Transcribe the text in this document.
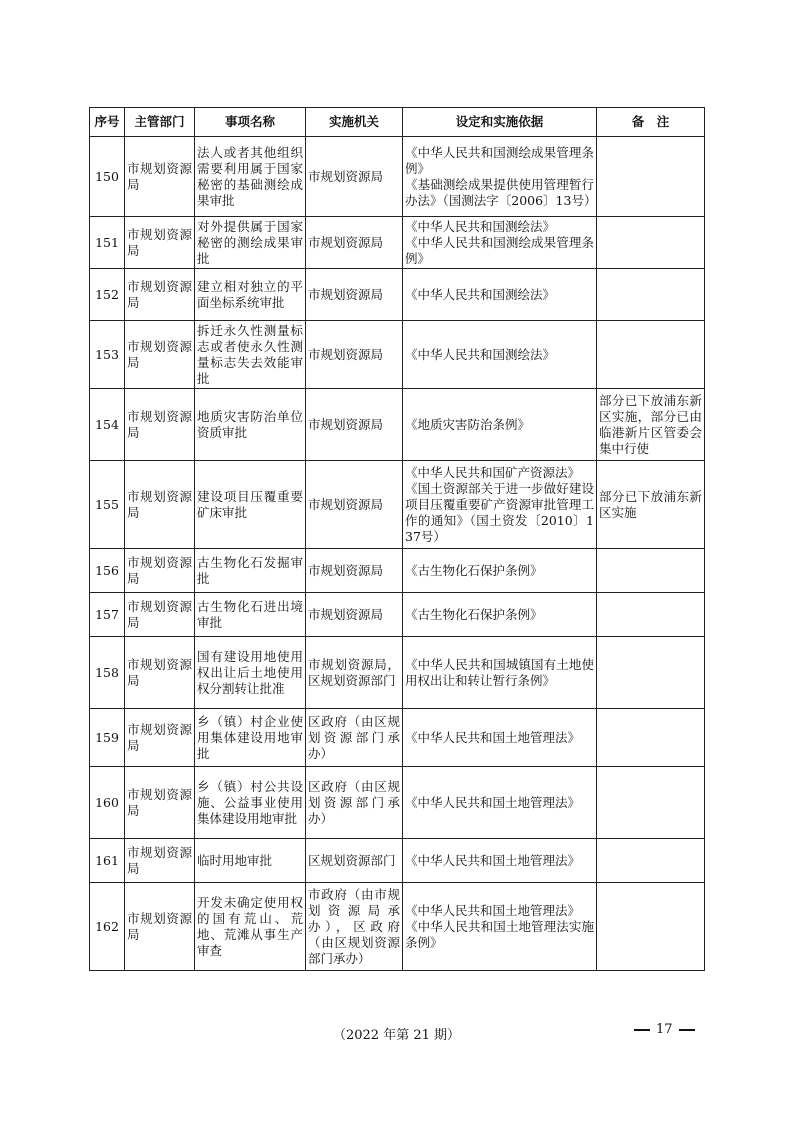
序号	主管部门	事项名称	实施机关	设定和实施依据	备　注
150	市规划资源局	法人或者其他组织需要利用属于国家秘密的基础测绘成果审批	市规划资源局	《中华人民共和国测绘成果管理条例》
《基础测绘成果提供使用管理暂行办法》（国测法字〔2006〕13号）	
151	市规划资源局	对外提供属于国家秘密的测绘成果审批	市规划资源局	《中华人民共和国测绘法》
《中华人民共和国测绘成果管理条例》	
152	市规划资源局	建立相对独立的平面坐标系统审批	市规划资源局	《中华人民共和国测绘法》	
153	市规划资源局	拆迁永久性测量标志或者使永久性测量标志失去效能审批	市规划资源局	《中华人民共和国测绘法》	
154	市规划资源局	地质灾害防治单位资质审批	市规划资源局	《地质灾害防治条例》	部分已下放浦东新区实施，部分已由临港新片区管委会集中行使
155	市规划资源局	建设项目压覆重要矿床审批	市规划资源局	《中华人民共和国矿产资源法》
《国土资源部关于进一步做好建设项目压覆重要矿产资源审批管理工作的通知》（国土资发〔2010〕137号）	部分已下放浦东新区实施
156	市规划资源局	古生物化石发掘审批	市规划资源局	《古生物化石保护条例》	
157	市规划资源局	古生物化石进出境审批	市规划资源局	《古生物化石保护条例》	
158	市规划资源局	国有建设用地使用权出让后土地使用权分割转让批准	市规划资源局，区规划资源部门	《中华人民共和国城镇国有土地使用权出让和转让暂行条例》	
159	市规划资源局	乡（镇）村企业使用集体建设用地审批	区政府（由区规划资源部门承办）	《中华人民共和国土地管理法》	
160	市规划资源局	乡（镇）村公共设施、公益事业使用集体建设用地审批	区政府（由区规划资源部门承办）	《中华人民共和国土地管理法》	
161	市规划资源局	临时用地审批	区规划资源部门	《中华人民共和国土地管理法》	
162	市规划资源局	开发未确定使用权的国有荒山、荒地、荒滩从事生产审查	市政府（由市规划资源局承办），区政府（由区规划资源部门承办）	《中华人民共和国土地管理法》
《中华人民共和国土地管理法实施条例》	
（2022 年第 21 期）	17
